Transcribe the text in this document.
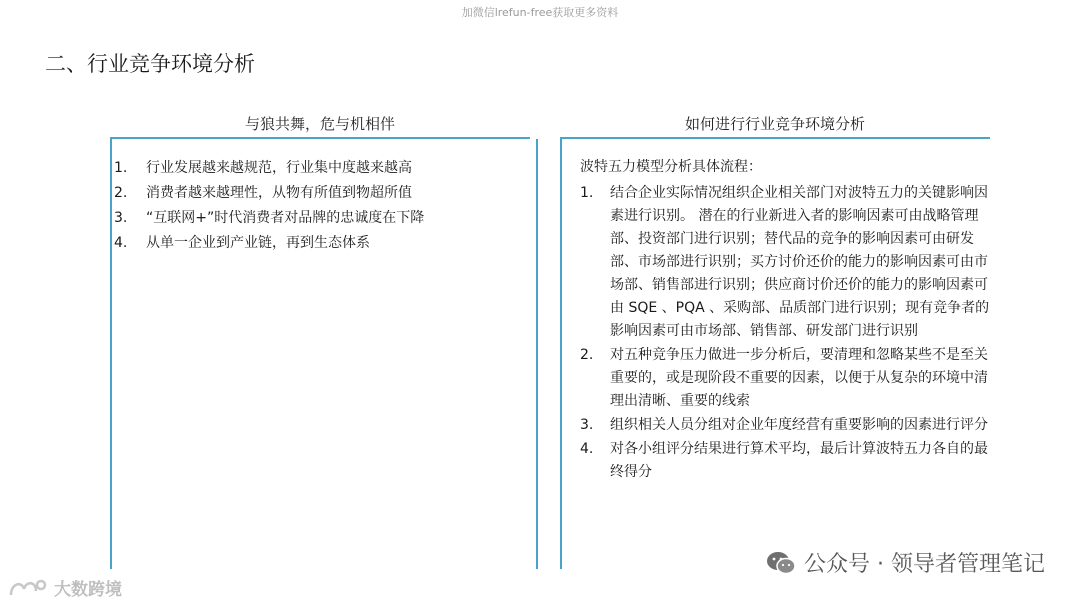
加微信lrefun-free获取更多资料
二、行业竞争环境分析
与狼共舞，危与机相伴
1.	行业发展越来越规范，行业集中度越来越高
2.	消费者越来越理性，从物有所值到物超所值
3.	“互联网+”时代消费者对品牌的忠诚度在下降
4.	从单一企业到产业链，再到生态体系
如何进行行业竞争环境分析

波特五力模型分析具体流程：

1.	结合企业实际情况组织企业相关部门对波特五力的关键影响因素进行识别。 潜在的行业新进入者的影响因素可由战略管理部、投资部门进行识别；替代品的竞争的影响因素可由研发部、市场部进行识别；买方讨价还价的能力的影响因素可由市场部、销售部进行识别；供应商讨价还价的能力的影响因素可由 SQE 、PQA 、采购部、品质部门进行识别；现有竞争者的影响因素可由市场部、销售部、研发部门进行识别
2.	对五种竞争压力做进一步分析后，要清理和忽略某些不是至关重要的，或是现阶段不重要的因素，以便于从复杂的环境中清理出清晰、重要的线索
3.	组织相关人员分组对企业年度经营有重要影响的因素进行评分
4.	对各小组评分结果进行算术平均，最后计算波特五力各自的最终得分
公众号 · 领导者管理笔记
大数跨境
